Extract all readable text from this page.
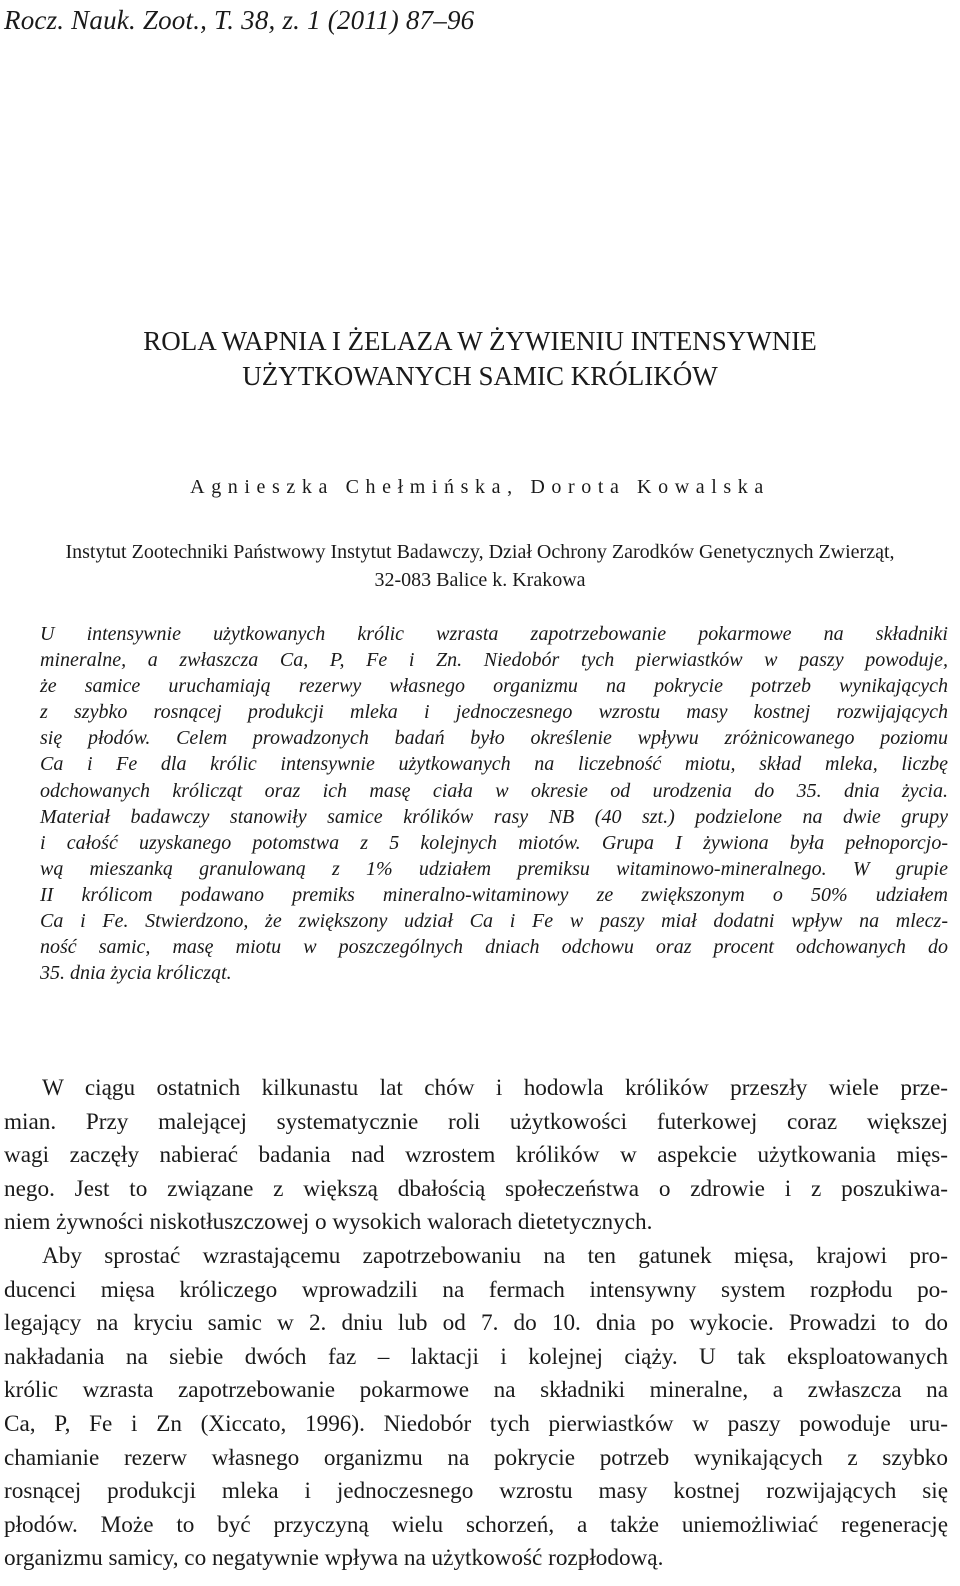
Rocz. Nauk. Zoot., T. 38, z. 1 (2011) 87–96
ROLA WAPNIA I ŻELAZA W ŻYWIENIU INTENSYWNIE
UŻYTKOWANYCH SAMIC KRÓLIKÓW
Agnieszka Chełmińska, Dorota Kowalska
Instytut Zootechniki Państwowy Instytut Badawczy, Dział Ochrony Zarodków Genetycznych Zwierząt,
32-083 Balice k. Krakowa
U intensywnie użytkowanych królic wzrasta zapotrzebowanie pokarmowe na składniki
mineralne, a zwłaszcza Ca, P, Fe i Zn. Niedobór tych pierwiastków w paszy powoduje,
że samice uruchamiają rezerwy własnego organizmu na pokrycie potrzeb wynikających
z szybko rosnącej produkcji mleka i jednoczesnego wzrostu masy kostnej rozwijających
się płodów. Celem prowadzonych badań było określenie wpływu zróżnicowanego poziomu
Ca i Fe dla królic intensywnie użytkowanych na liczebność miotu, skład mleka, liczbę
odchowanych królicząt oraz ich masę ciała w okresie od urodzenia do 35. dnia życia.
Materiał badawczy stanowiły samice królików rasy NB (40 szt.) podzielone na dwie grupy
i całość uzyskanego potomstwa z 5 kolejnych miotów. Grupa I żywiona była pełnoporcjo-
wą mieszanką granulowaną z 1% udziałem premiksu witaminowo-mineralnego. W grupie
II królicom podawano premiks mineralno-witaminowy ze zwiększonym o 50% udziałem
Ca i Fe. Stwierdzono, że zwiększony udział Ca i Fe w paszy miał dodatni wpływ na mlecz-
ność samic, masę miotu w poszczególnych dniach odchowu oraz procent odchowanych do
35. dnia życia królicząt.
W ciągu ostatnich kilkunastu lat chów i hodowla królików przeszły wiele prze-
mian. Przy malejącej systematycznie roli użytkowości futerkowej coraz większej
wagi zaczęły nabierać badania nad wzrostem królików w aspekcie użytkowania mięs-
nego. Jest to związane z większą dbałością społeczeństwa o zdrowie i z poszukiwa-
niem żywności niskotłuszczowej o wysokich walorach dietetycznych.
Aby sprostać wzrastającemu zapotrzebowaniu na ten gatunek mięsa, krajowi pro-
ducenci mięsa króliczego wprowadzili na fermach intensywny system rozpłodu po-
legający na kryciu samic w 2. dniu lub od 7. do 10. dnia po wykocie. Prowadzi to do
nakładania na siebie dwóch faz – laktacji i kolejnej ciąży. U tak eksploatowanych
królic wzrasta zapotrzebowanie pokarmowe na składniki mineralne, a zwłaszcza na
Ca, P, Fe i Zn (Xiccato, 1996). Niedobór tych pierwiastków w paszy powoduje uru-
chamianie rezerw własnego organizmu na pokrycie potrzeb wynikających z szybko
rosnącej produkcji mleka i jednoczesnego wzrostu masy kostnej rozwijających się
płodów. Może to być przyczyną wielu schorzeń, a także uniemożliwiać regenerację
organizmu samicy, co negatywnie wpływa na użytkowość rozpłodową.
